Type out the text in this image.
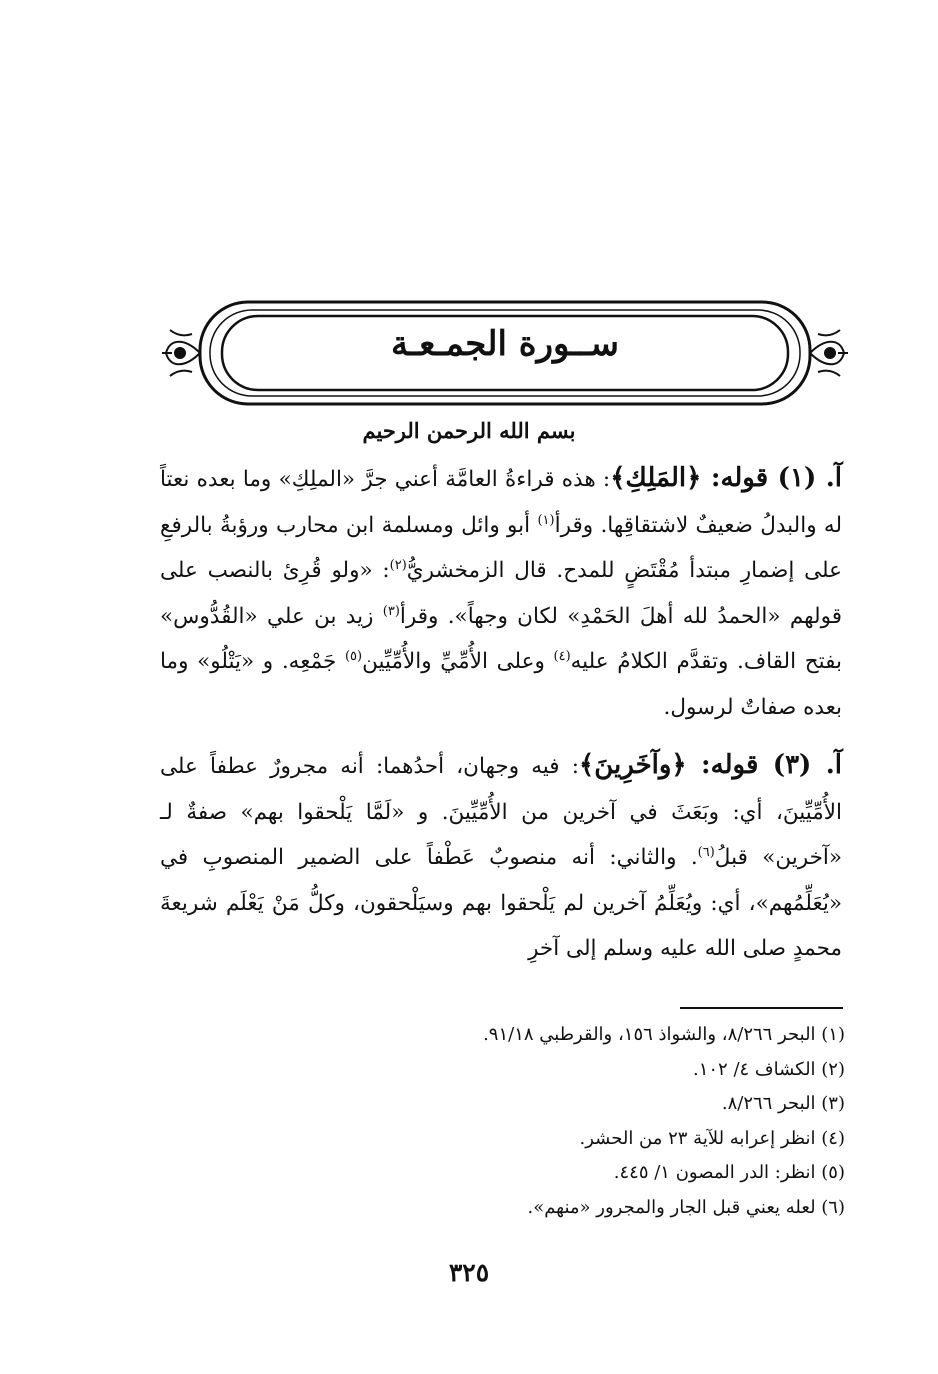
ســورة الجمـعـة
بسم الله الرحمن الرحيم
آ. (١) قوله: ﴿المَلِكِ﴾: هذه قراءةُ العامَّة أعني جرَّ «الملِكِ» وما بعده نعتاً له والبدلُ ضعيفٌ لاشتقاقِها. وقرأ$^{(١)}$ أبو وائل ومسلمة ابن محارب ورؤبةُ بالرفعِ على إضمارِ مبتدأ مُقْتَضٍ للمدح. قال الزمخشريُّ$^{(٢)}$: «ولو قُرِئ بالنصب على قولهم «الحمدُ لله أهلَ الحَمْدِ» لكان وجهاً». وقرأ$^{(٣)}$ زيد بن علي «القُدُّوس» بفتح القاف. وتقدَّم الكلامُ عليه$^{(٤)}$ وعلى الأُمِّيِّ والأُمِّيِّين$^{(٥)}$ جَمْعِه. و «يَتْلُو» وما بعده صفاتٌ لرسول.
آ. (٣) قوله: ﴿وآخَرِينَ﴾: فيه وجهان، أحدُهما: أنه مجرورٌ عطفاً على الأُمِّيِّينَ، أي: وبَعَثَ في آخرين من الأُمِّيِّينَ. و «لَمَّا يَلْحقوا بهم» صفةٌ لـ «آخرين» قبلُ$^{(٦)}$. والثاني: أنه منصوبٌ عَطْفاً على الضمير المنصوبِ في «يُعَلِّمُهم»، أي: ويُعَلِّمُ آخرين لم يَلْحقوا بهم وسيَلْحقون، وكلُّ مَنْ يَعْلَم شريعةَ محمدٍ صلى الله عليه وسلم إلى آخرِ
(١) البحر ٨/٢٦٦، والشواذ ١٥٦، والقرطبي ٩١/١٨.
(٢) الكشاف ٤/ ١٠٢.
(٣) البحر ٨/٢٦٦.
(٤) انظر إعرابه للآية ٢٣ من الحشر.
(٥) انظر: الدر المصون ١/ ٤٤٥.
(٦) لعله يعني قبل الجار والمجرور «منهم».
٣٢٥
